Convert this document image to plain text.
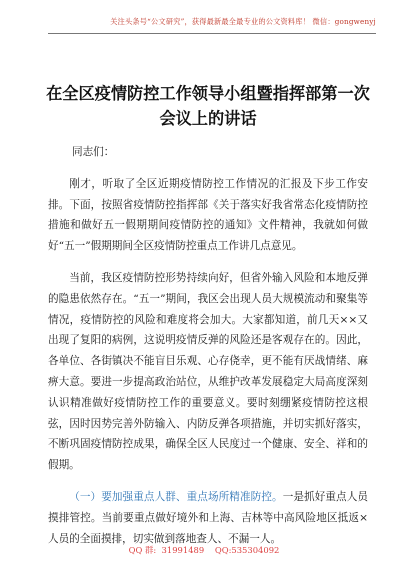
关注头条号“公文研究”，获得最新最全最专业的公文资料库！ 微信：gongwenyj
在全区疫情防控工作领导小组暨指挥部第一次
会议上的讲话

同志们：

刚才，听取了全区近期疫情防控工作情况的汇报及下步工作安排。下面，按照省疫情防控指挥部《关于落实好我省常态化疫情防控措施和做好五一假期期间疫情防控的通知》文件精神，我就如何做好“五一”假期期间全区疫情防控重点工作讲几点意见。

当前，我区疫情防控形势持续向好，但省外输入风险和本地反弹的隐患依然存在。“五一”期间，我区会出现人员大规模流动和聚集等情况，疫情防控的风险和难度将会加大。大家都知道，前几天××又出现了复阳的病例，这说明疫情反弹的风险还是客观存在的。因此，各单位、各街镇决不能盲目乐观、心存侥幸，更不能有厌战情绪、麻痹大意。要进一步提高政治站位，从维护改革发展稳定大局高度深刻认识精准做好疫情防控工作的重要意义。要时刻绷紧疫情防控这根弦，因时因势完善外防输入、内防反弹各项措施，并切实抓好落实，不断巩固疫情防控成果，确保全区人民度过一个健康、安全、祥和的假期。

（一）要加强重点人群、重点场所精准防控。一是抓好重点人员摸排管控。当前要重点做好境外和上海、吉林等中高风险地区抵返×人员的全面摸排，切实做到落地查人、不漏一人。

QQ 群:  31991489 QQ:535304092
